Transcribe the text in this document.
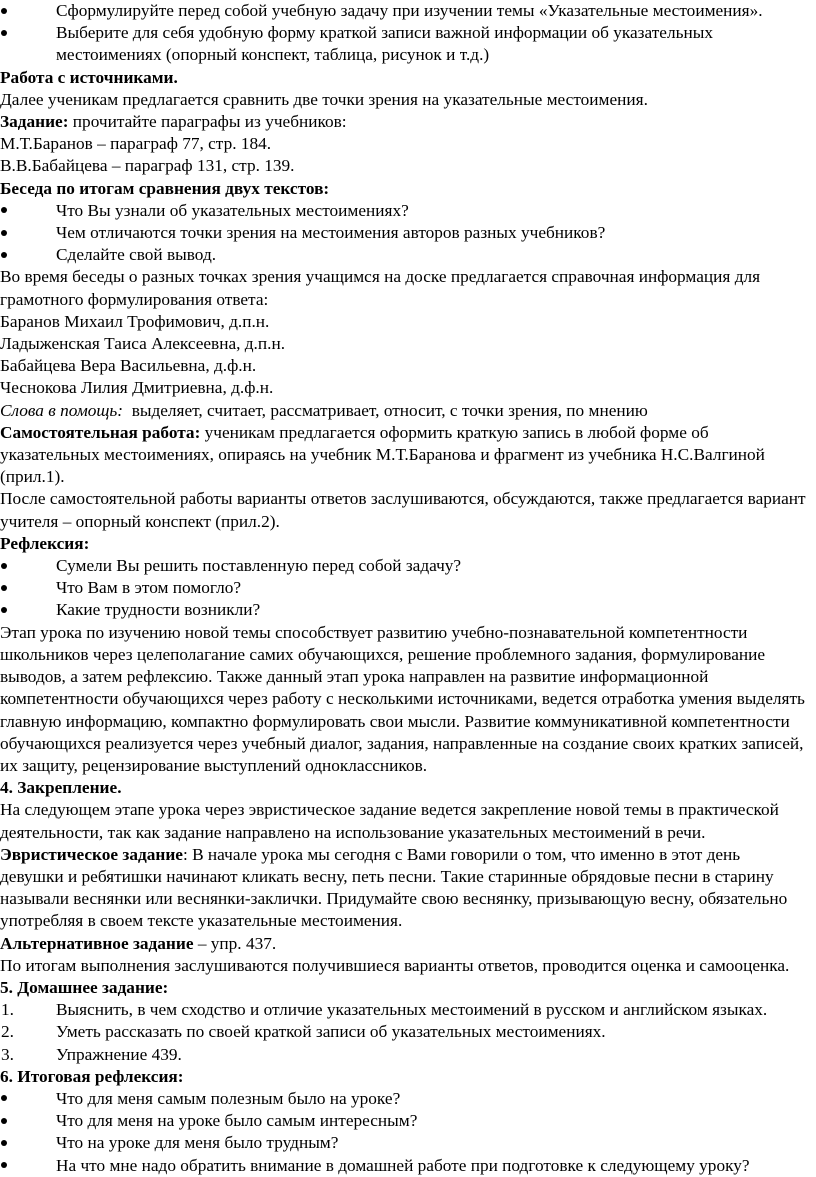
Сформулируйте перед собой учебную задачу при изучении темы «Указательные местоимения».
Выберите для себя удобную форму краткой записи важной информации об указательных местоимениях (опорный конспект, таблица, рисунок и т.д.)

Работа с источниками.

Далее ученикам предлагается сравнить две точки зрения на указательные местоимения.

Задание: прочитайте параграфы из учебников:

М.Т.Баранов – параграф 77, стр. 184.

В.В.Бабайцева – параграф 131, стр. 139.

Беседа по итогам сравнения двух текстов:

Что Вы узнали об указательных местоимениях?
Чем отличаются точки зрения на местоимения авторов разных учебников?
Сделайте свой вывод.

Во время беседы о разных точках зрения учащимся на доске предлагается справочная информация для грамотного формулирования ответа:

Баранов Михаил Трофимович, д.п.н.

Ладыженская Таиса Алексеевна, д.п.н.

Бабайцева Вера Васильевна, д.ф.н.

Чеснокова Лилия Дмитриевна, д.ф.н.

Слова в помощь:  выделяет, считает, рассматривает, относит, с точки зрения, по мнению

Самостоятельная работа: ученикам предлагается оформить краткую запись в любой форме об указательных местоимениях, опираясь на учебник М.Т.Баранова и фрагмент из учебника Н.С.Валгиной (прил.1).

После самостоятельной работы варианты ответов заслушиваются, обсуждаются, также предлагается вариант учителя – опорный конспект (прил.2).

Рефлексия:

Сумели Вы решить поставленную перед собой задачу?
Что Вам в этом помогло?
Какие трудности возникли?

Этап урока по изучению новой темы способствует развитию учебно-познавательной компетентности школьников через целеполагание самих обучающихся, решение проблемного задания, формулирование выводов, а затем рефлексию. Также данный этап урока направлен на развитие информационной компетентности обучающихся через работу с несколькими источниками, ведется отработка умения выделять главную информацию, компактно формулировать свои мысли. Развитие коммуникативной компетентности обучающихся реализуется через учебный диалог, задания, направленные на создание своих кратких записей, их защиту, рецензирование выступлений одноклассников.

4. Закрепление.

На следующем этапе урока через эвристическое задание ведется закрепление новой темы в практической деятельности, так как задание направлено на использование указательных местоимений в речи.

Эвристическое задание: В начале урока мы сегодня с Вами говорили о том, что именно в этот день девушки и ребятишки начинают кликать весну, петь песни. Такие старинные обрядовые песни в старину называли веснянки или веснянки-заклички. Придумайте свою веснянку, призывающую весну, обязательно употребляя в своем тексте указательные местоимения.

Альтернативное задание – упр. 437.

По итогам выполнения заслушиваются получившиеся варианты ответов, проводится оценка и самооценка.

5. Домашнее задание:

1.	Выяснить, в чем сходство и отличие указательных местоимений в русском и английском языках.
2.	Уметь рассказать по своей краткой записи об указательных местоимениях.
3.	Упражнение 439.

6. Итоговая рефлексия:

Что для меня самым полезным было на уроке?
Что для меня на уроке было самым интересным?
Что на уроке для меня было трудным?
На что мне надо обратить внимание в домашней работе при подготовке к следующему уроку?
